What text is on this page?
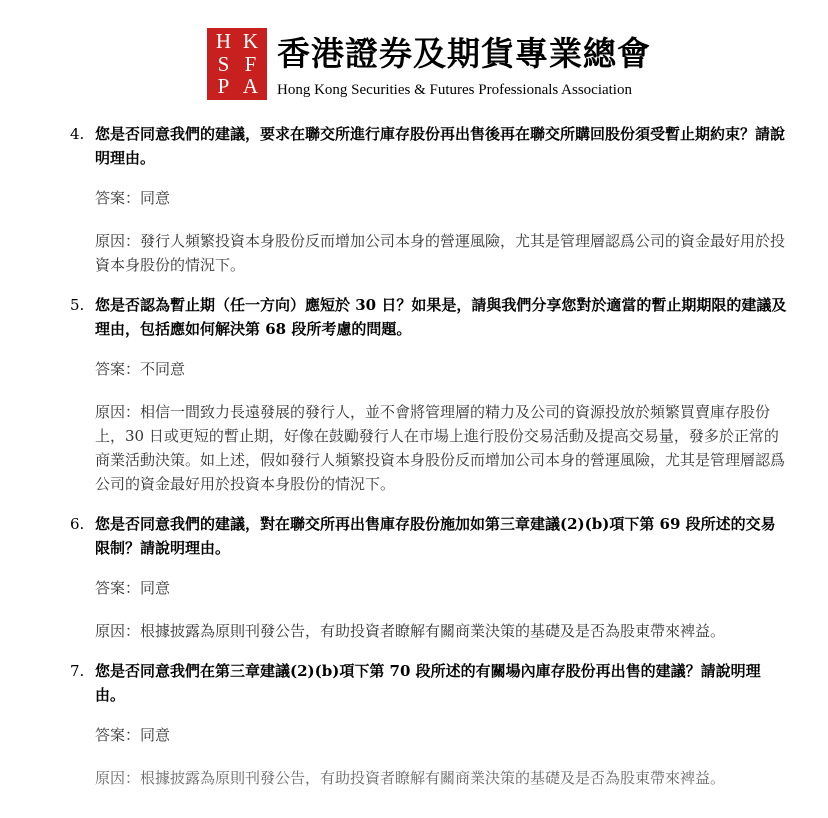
H K
S F
P A
香港證券及期貨專業總會
Hong Kong Securities & Futures Professionals Association
4. 您是否同意我們的建議，要求在聯交所進行庫存股份再出售後再在聯交所購回股份須受暫止期約束？請說明理由。
答案：同意
原因：發行人頻繁投資本身股份反而增加公司本身的營運風險，尤其是管理層認爲公司的資金最好用於投資本身股份的情況下。
5. 您是否認為暫止期（任一方向）應短於 30 日？如果是，請與我們分享您對於適當的暫止期期限的建議及理由，包括應如何解決第 68 段所考慮的問題。
答案：不同意
原因：相信一間致力長遠發展的發行人，並不會將管理層的精力及公司的資源投放於頻繁買賣庫存股份上，30 日或更短的暫止期，好像在鼓勵發行人在市場上進行股份交易活動及提高交易量，發多於正常的商業活動決策。如上述，假如發行人頻繁投資本身股份反而增加公司本身的營運風險，尤其是管理層認爲公司的資金最好用於投資本身股份的情況下。
6. 您是否同意我們的建議，對在聯交所再出售庫存股份施加如第三章建議(2)(b)項下第 69 段所述的交易限制？請說明理由。
答案：同意
原因：根據披露為原則刊發公告，有助投資者瞭解有關商業決策的基礎及是否為股東帶來裨益。
7. 您是否同意我們在第三章建議(2)(b)項下第 70 段所述的有關場內庫存股份再出售的建議？請說明理由。
答案：同意
原因：根據披露為原則刊發公告，有助投資者瞭解有關商業決策的基礎及是否為股東帶來裨益。
